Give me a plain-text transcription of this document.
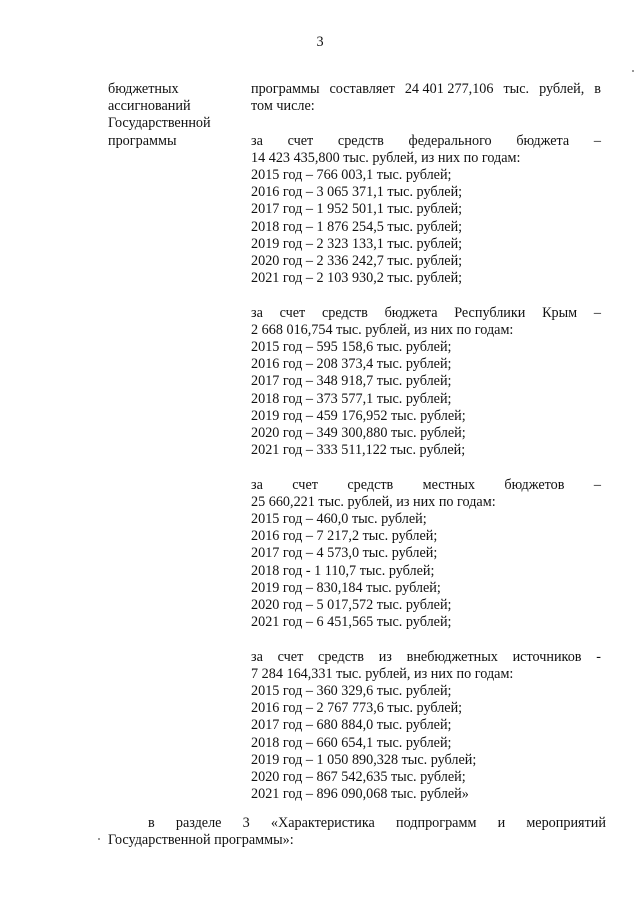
3
бюджетных
ассигнований
Государственной
программы
программы составляет 24 401 277,106 тыс. рублей, в
том числе:
за счет средств федерального бюджета –
14 423 435,800 тыс. рублей, из них по годам:
2015 год – 766 003,1 тыс. рублей;
2016 год – 3 065 371,1 тыс. рублей;
2017 год – 1 952 501,1 тыс. рублей;
2018 год – 1 876 254,5 тыс. рублей;
2019 год – 2 323 133,1 тыс. рублей;
2020 год – 2 336 242,7 тыс. рублей;
2021 год – 2 103 930,2 тыс. рублей;
за счет средств бюджета Республики Крым –
2 668 016,754 тыс. рублей, из них по годам:
2015 год – 595 158,6 тыс. рублей;
2016 год – 208 373,4 тыс. рублей;
2017 год – 348 918,7 тыс. рублей;
2018 год – 373 577,1 тыс. рублей;
2019 год – 459 176,952 тыс. рублей;
2020 год – 349 300,880 тыс. рублей;
2021 год – 333 511,122 тыс. рублей;
за счет средств местных бюджетов –
25 660,221 тыс. рублей, из них по годам:
2015 год – 460,0 тыс. рублей;
2016 год – 7 217,2 тыс. рублей;
2017 год – 4 573,0 тыс. рублей;
2018 год - 1 110,7 тыс. рублей;
2019 год – 830,184 тыс. рублей;
2020 год – 5 017,572 тыс. рублей;
2021 год – 6 451,565 тыс. рублей;
за счет средств из внебюджетных источников -
7 284 164,331 тыс. рублей, из них по годам:
2015 год – 360 329,6 тыс. рублей;
2016 год – 2 767 773,6 тыс. рублей;
2017 год – 680 884,0 тыс. рублей;
2018 год – 660 654,1 тыс. рублей;
2019 год – 1 050 890,328 тыс. рублей;
2020 год – 867 542,635 тыс. рублей;
2021 год – 896 090,068 тыс. рублей»
в разделе 3 «Характеристика подпрограмм и мероприятий
Государственной программы»:
